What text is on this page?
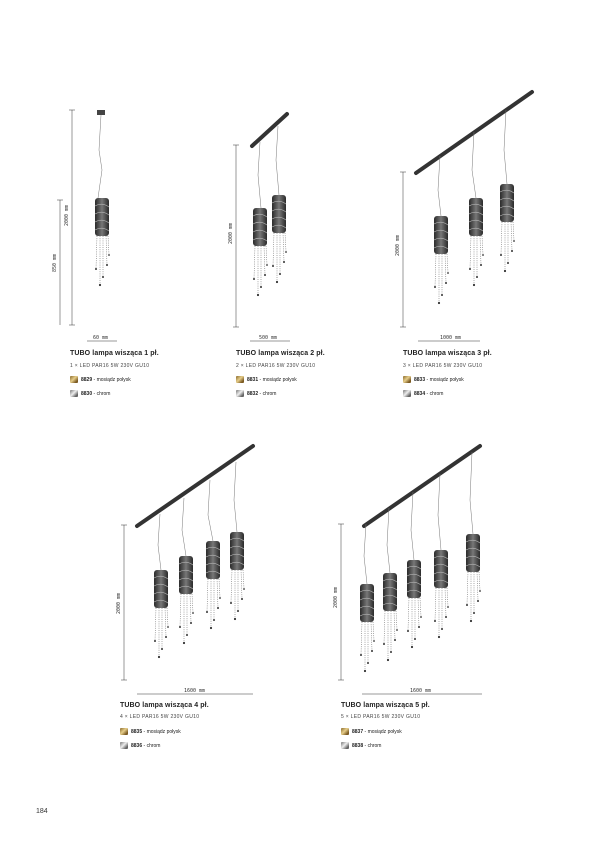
2000 mm
850 mm
60 mm
2000 mm
500 mm
2000 mm
1000 mm
2000 mm
1600 mm
2000 mm
1600 mm
TUBO lampa wisząca 1 pł.
1 × LED PAR16 5W 230V GU10
8829 - mosiądz połysk
8830 - chrom
TUBO lampa wisząca 2 pł.
2 × LED PAR16 5W 230V GU10
8831 - mosiądz połysk
8832 - chrom
TUBO lampa wisząca 3 pł.
3 × LED PAR16 5W 230V GU10
8833 - mosiądz połysk
8834 - chrom
TUBO lampa wisząca 4 pł.
4 × LED PAR16 5W 230V GU10
8835 - mosiądz połysk
8836 - chrom
TUBO lampa wisząca 5 pł.
5 × LED PAR16 5W 230V GU10
8837 - mosiądz połysk
8838 - chrom
184
